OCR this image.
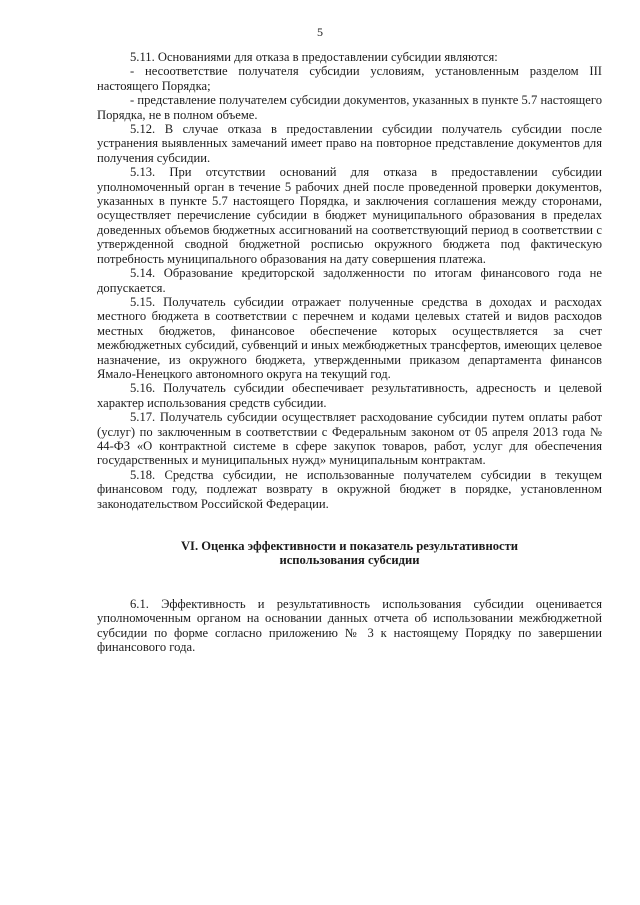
5

5.11. Основаниями для отказа в предоставлении субсидии являются:

- несоответствие получателя субсидии условиям, установленным разделом III настоящего Порядка;

- представление получателем субсидии документов, указанных в пункте 5.7 настоящего Порядка, не в полном объеме.

5.12. В случае отказа в предоставлении субсидии получатель субсидии после устранения выявленных замечаний имеет право на повторное представление документов для получения субсидии.

5.13. При отсутствии оснований для отказа в предоставлении субсидии уполномоченный орган в течение 5 рабочих дней после проведенной проверки документов, указанных в пункте 5.7 настоящего Порядка, и заключения соглашения между сторонами, осуществляет перечисление субсидии в бюджет муниципального образования в пределах доведенных объемов бюджетных ассигнований на соответствующий период в соответствии с утвержденной сводной бюджетной росписью окружного бюджета под фактическую потребность муниципального образования на дату совершения платежа.

5.14. Образование кредиторской задолженности по итогам финансового года не допускается.

5.15. Получатель субсидии отражает полученные средства в доходах и расходах местного бюджета в соответствии с перечнем и кодами целевых статей и видов расходов местных бюджетов, финансовое обеспечение которых осуществляется за счет межбюджетных субсидий, субвенций и иных межбюджетных трансфертов, имеющих целевое назначение, из окружного бюджета, утвержденными приказом департамента финансов Ямало-Ненецкого автономного округа на текущий год.

5.16. Получатель субсидии обеспечивает результативность, адресность и целевой характер использования средств субсидии.

5.17. Получатель субсидии осуществляет расходование субсидии путем оплаты работ (услуг) по заключенным в соответствии с Федеральным законом от 05 апреля 2013 года № 44-ФЗ «О контрактной системе в сфере закупок товаров, работ, услуг для обеспечения государственных и муниципальных нужд» муниципальным контрактам.

5.18. Средства субсидии, не использованные получателем субсидии в текущем финансовом году, подлежат возврату в окружной бюджет в порядке, установленном законодательством Российской Федерации.

VI. Оценка эффективности и показатель результативности
использования субсидии

6.1. Эффективность и результативность использования субсидии оценивается уполномоченным органом на основании данных отчета об использовании межбюджетной субсидии по форме согласно приложению № 3 к настоящему Порядку по завершении финансового года.
